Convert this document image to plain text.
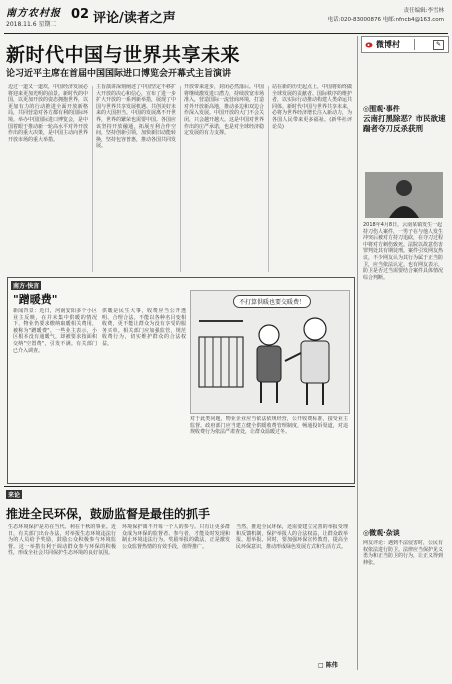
南方农村报
2018.11.6 星期二
02 评论/读者之声	责任编辑:李雪林
电话:020-83000876 电邮:nfncb4@163.com
新时代中国与世界共享未来
论习近平主席在首届中国国际进口博览会开幕式主旨演讲
迈过一道又一道坎，中国经济发展必将迎来更加光明的前景。新时代的中国，以更加开放的姿态拥抱世界，以更加有力的行动推进全面开放新格局，共同营造对各方都有利的国际环境。举办中国国际进口博览会，是中国着眼于推动新一轮高水平对外开放作出的重大决策，是中国主动向世界开放市场的重大举措。
主旨演讲深刻阐述了中国坚定不移扩大开放的决心和信心，宣布了进一步扩大开放的一系列新举措，展现了中国与世界共享发展机遇、共创美好未来的大国担当。中国的发展离不开世界，世界的繁荣也需要中国。各国应该坚持开放融通，拓展互利合作空间，坚持创新引领，加快新旧动能转换，坚持包容普惠，推动各国共同发展。
开放带来进步，封闭必然落后。中国将继续激发进口潜力，持续放宽市场准入，营造国际一流营商环境，打造对外开放新高地，推动多边和双边合作深入发展。中国开放的大门不会关闭，只会越开越大。这是中国对世界作出的庄严承诺，也是对全球经济稳定发展的有力支撑。
站在新的历史起点上，中国将始终做全球发展的贡献者、国际秩序的维护者，以实际行动推动构建人类命运共同体。新时代中国与世界共享未来，必将为世界经济增长注入新动力，为各国人民带来更多福祉。(新华社评论员)
南方·快言
"蹭暖费"
新闻背景：近日，河南安阳多个小区业主反映，在并未集中供暖的情况下，物业仍要求缴纳取暖相关费用，被称为"蹭暖费"。一些业主表示，小区根本没有通暖气，却被要求按面积交纳"空置费"，引发不满。有关部门已介入调查。
供暖是民生大事，收费应当公开透明、合理合法。不能以各种名目变相收费，更不能让群众为没有享受的服务买单。相关部门应加强监管，规范收费行为，切实维护群众的合法权益。
不打算供暖也要交暖费！
对于此类问题，物业企业应当依法依规经营，公开收费标准，接受业主监督。政府部门应当建立健全供暖收费管理制度，畅通投诉渠道，对违规收费行为依法严肃查处，让群众温暖过冬。
来论
推进全民环保，鼓励监督是最佳的抓手
生态环境保护是功在当代、利在千秋的事业。近日，有关部门出台办法，对举报生态环境违法行为的人员给予奖励，鼓励公众积极参与环境监督。这一举措有利于调动群众参与环保的积极性，形成全社会共同保护生态环境的良好氛围。
环境保护离不开每一个人的参与。只有让更多群众成为环保的监督者、参与者，才能及时发现和制止环境违法行为。奖励举报的做法，正是激发公众监督热情的有效手段，值得推广。
当然，推进全民环保，还需要建立完善的举报受理和反馈机制，保护举报人的合法权益，让群众敢举报、愿举报。同时，要加强环保宣传教育，提高全民环保意识，推动形成绿色发展方式和生活方式。
□ 陈伟
微博村	✎
◎围观·事件
云南打黑除恶？市民欲速踹者夺刀反杀获刑
2018年4月8日，云南某镇发生一起持刀伤人案件，一男子在与他人发生冲突后被对方持刀追砍，在夺刀过程中将对方刺伤致死。法院以故意伤害罪判处其有期徒刑。案件引发网友热议，不少网友认为其行为属于正当防卫，应当依法认定。也有网友表示，防卫是否过当需要结合案件具体情况综合判断。
◎微观·杂谈
网友评论：遇到不法侵害时，公民有权依法进行防卫。法律应当保护见义勇为和正当防卫的行为，让正义得到伸张。
